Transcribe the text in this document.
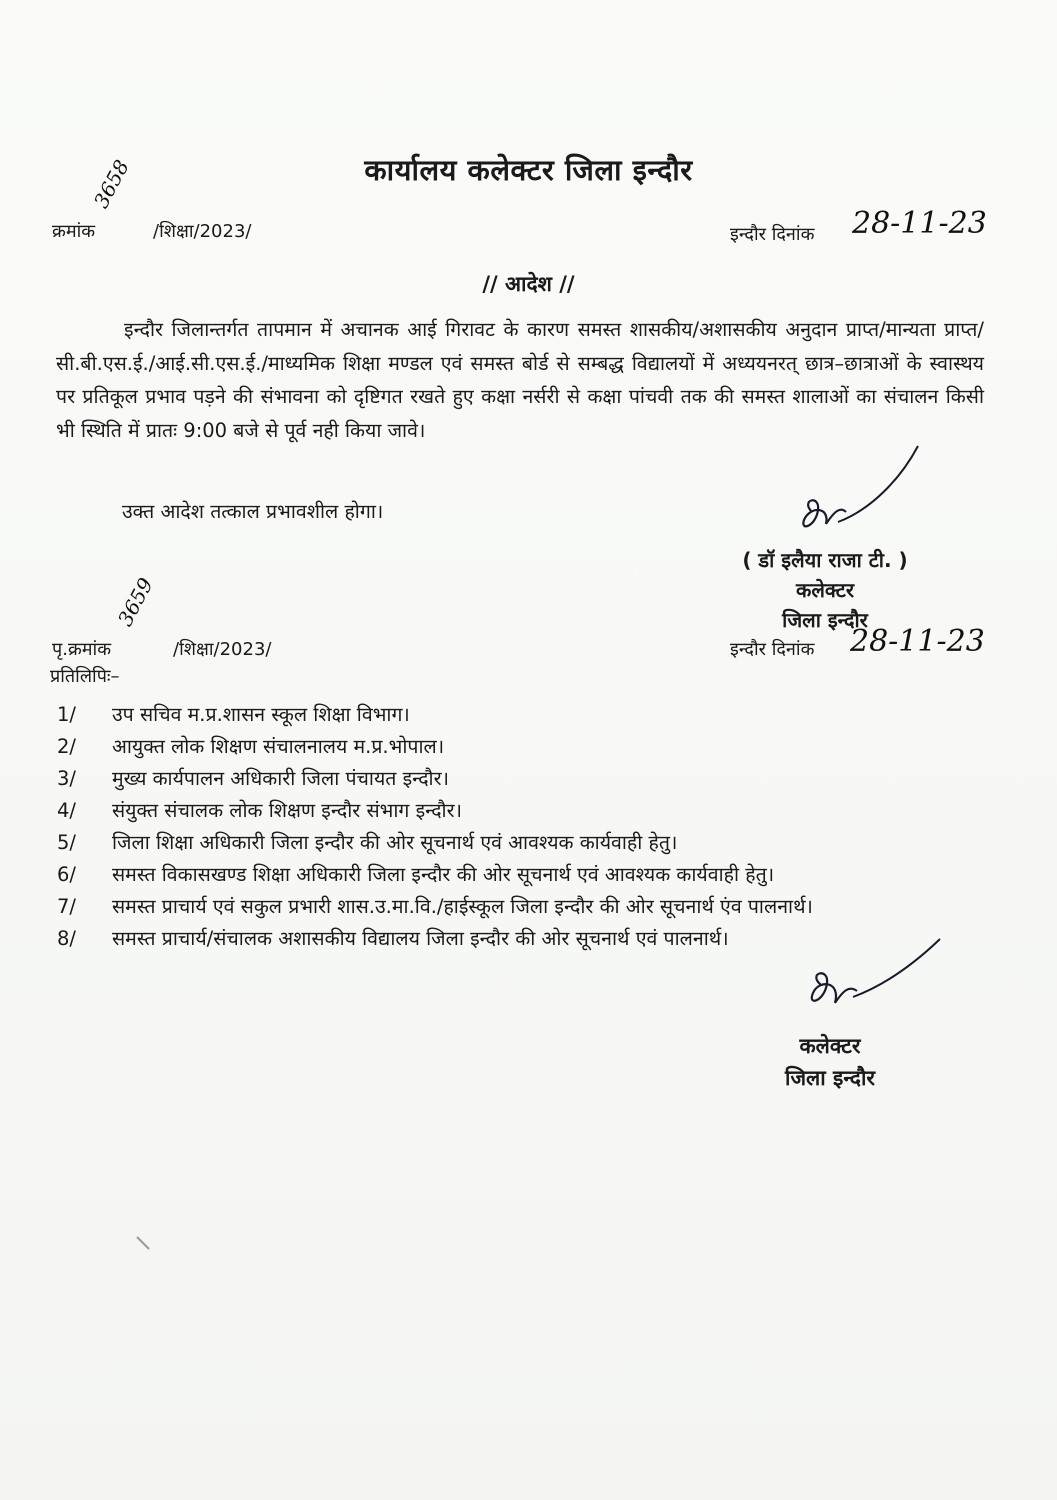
कार्यालय कलेक्टर जिला इन्दौर
क्रमांक
3658
/शिक्षा/2023/	इन्दौर दिनांक 28-11-23
// आदेश //
इन्दौर जिलान्तर्गत तापमान में अचानक आई गिरावट के कारण समस्त शासकीय/अशासकीय अनुदान प्राप्त/मान्यता प्राप्त/सी.बी.एस.ई./आई.सी.एस.ई./माध्यमिक शिक्षा मण्डल एवं समस्त बोर्ड से सम्बद्ध विद्यालयों में अध्ययनरत् छात्र–छात्राओं के स्वास्थय पर प्रतिकूल प्रभाव पड़ने की संभावना को दृष्टिगत रखते हुए कक्षा नर्सरी से कक्षा पांचवी तक की समस्त शालाओं का संचालन किसी भी स्थिति में प्रातः 9:00 बजे से पूर्व नही किया जावे।
उक्त आदेश तत्काल प्रभावशील होगा।
( डॉ इलैया राजा टी. )
कलेक्टर
जिला इन्दौर
पृ.क्रमांक
3659
/शिक्षा/2023/	इन्दौर दिनांक 28-11-23
प्रतिलिपिः–
1/ उप सचिव म.प्र.शासन स्कूल शिक्षा विभाग।
2/ आयुक्त लोक शिक्षण संचालनालय म.प्र.भोपाल।
3/ मुख्य कार्यपालन अधिकारी जिला पंचायत इन्दौर।
4/ संयुक्त संचालक लोक शिक्षण इन्दौर संभाग इन्दौर।
5/ जिला शिक्षा अधिकारी जिला इन्दौर की ओर सूचनार्थ एवं आवश्यक कार्यवाही हेतु।
6/ समस्त विकासखण्ड शिक्षा अधिकारी जिला इन्दौर की ओर सूचनार्थ एवं आवश्यक कार्यवाही हेतु।
7/ समस्त प्राचार्य एवं सकुल प्रभारी शास.उ.मा.वि./हाईस्कूल जिला इन्दौर की ओर सूचनार्थ एंव पालनार्थ।
8/ समस्त प्राचार्य/संचालक अशासकीय विद्यालय जिला इन्दौर की ओर सूचनार्थ एवं पालनार्थ।
कलेक्टर
जिला इन्दौर
